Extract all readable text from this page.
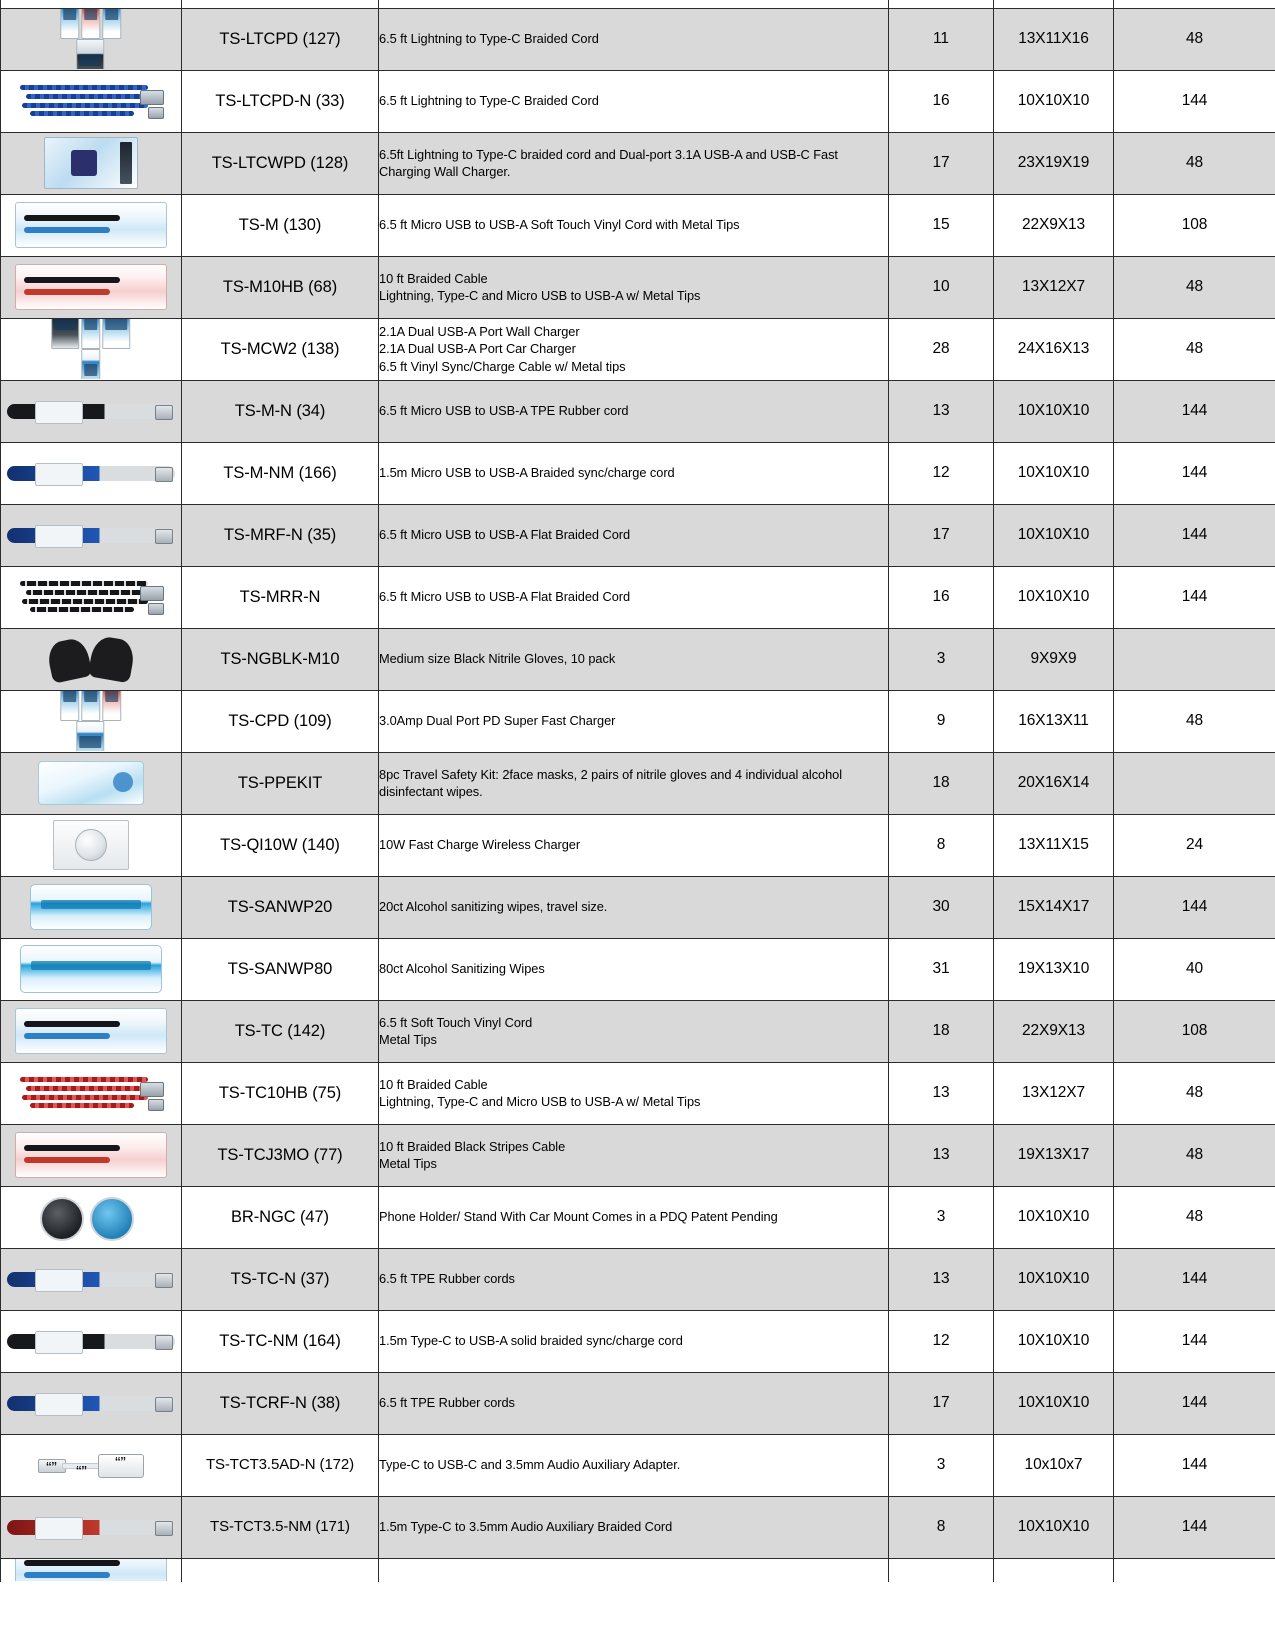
	TS-LTCPD (127)	6.5 ft Lightning to Type-C Braided Cord	11	13X11X16	48

	TS-LTCPD-N (33)	6.5 ft Lightning to Type-C Braided Cord	16	10X10X10	144

	TS-LTCWPD (128)	6.5ft Lightning to Type-C braided cord and Dual-port 3.1A USB-A and USB-C Fast Charging Wall Charger.	17	23X19X19	48

	TS-M (130)	6.5 ft Micro USB to USB-A Soft Touch Vinyl Cord with Metal Tips	15	22X9X13	108

	TS-M10HB (68)	10 ft Braided Cable
Lightning, Type-C and Micro USB to USB-A w/ Metal Tips	10	13X12X7	48

	TS-MCW2 (138)	2.1A Dual USB-A Port Wall Charger
2.1A Dual USB-A Port Car Charger
6.5 ft Vinyl Sync/Charge Cable w/ Metal tips	28	24X16X13	48

	TS-M-N (34)	6.5 ft Micro USB to USB-A TPE Rubber cord	13	10X10X10	144

	TS-M-NM (166)	1.5m Micro USB to USB-A Braided sync/charge cord	12	10X10X10	144

	TS-MRF-N (35)	6.5 ft Micro USB to USB-A Flat Braided Cord	17	10X10X10	144

	TS-MRR-N	6.5 ft Micro USB to USB-A Flat Braided Cord	16	10X10X10	144

	TS-NGBLK-M10	Medium size Black Nitrile Gloves, 10 pack	3	9X9X9	

	TS-CPD (109)	3.0Amp Dual Port PD Super Fast Charger	9	16X13X11	48

	TS-PPEKIT	8pc Travel Safety Kit: 2face masks, 2 pairs of nitrile gloves and 4 individual alcohol disinfectant wipes.	18	20X16X14	

	TS-QI10W (140)	10W Fast Charge Wireless Charger	8	13X11X15	24

	TS-SANWP20	20ct Alcohol sanitizing wipes, travel size.	30	15X14X17	144

	TS-SANWP80	80ct Alcohol Sanitizing Wipes	31	19X13X10	40

	TS-TC (142)	6.5 ft Soft Touch Vinyl Cord
Metal Tips	18	22X9X13	108

	TS-TC10HB (75)	10 ft Braided Cable
Lightning, Type-C and Micro USB to USB-A w/ Metal Tips	13	13X12X7	48

	TS-TCJ3MO (77)	10 ft Braided Black Stripes Cable
Metal Tips	13	19X13X17	48

	BR-NGC (47)	Phone Holder/ Stand With Car Mount Comes in a PDQ Patent Pending	3	10X10X10	48

	TS-TC-N (37)	6.5 ft TPE Rubber cords	13	10X10X10	144

	TS-TC-NM (164)	1.5m Type-C to USB-A solid braided sync/charge cord	12	10X10X10	144

	TS-TCRF-N (38)	6.5 ft TPE Rubber cords	17	10X10X10	144

	TS-TCT3.5AD-N (172)	Type-C to USB-C and 3.5mm Audio Auxiliary Adapter.	3	10x10x7	144

	TS-TCT3.5-NM (171)	1.5m Type-C to 3.5mm Audio Auxiliary Braided Cord	8	10X10X10	144
